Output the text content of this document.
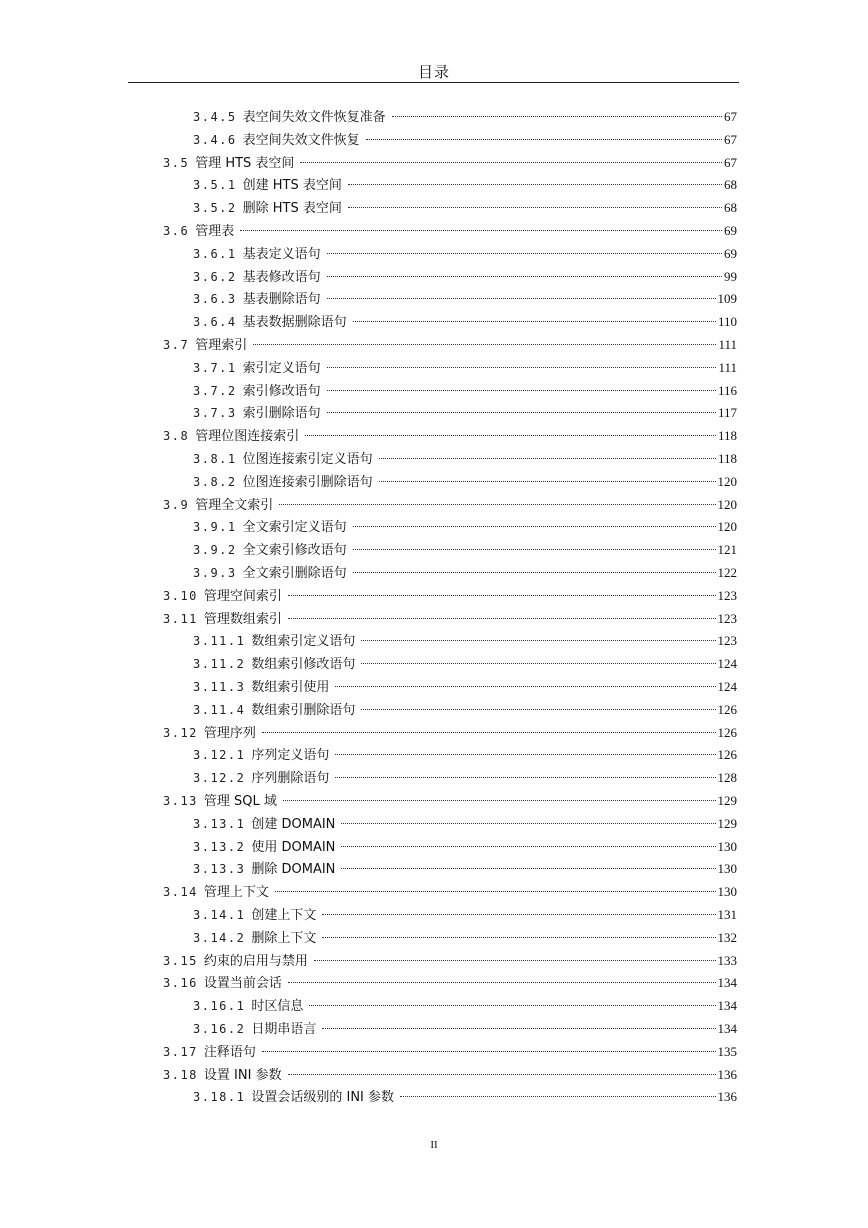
目录
3.4.5 表空间失效文件恢复准备	67
3.4.6 表空间失效文件恢复	67
3.5 管理 HTS 表空间	67
3.5.1 创建 HTS 表空间	68
3.5.2 删除 HTS 表空间	68
3.6 管理表	69
3.6.1 基表定义语句	69
3.6.2 基表修改语句	99
3.6.3 基表删除语句	109
3.6.4 基表数据删除语句	110
3.7 管理索引	111
3.7.1 索引定义语句	111
3.7.2 索引修改语句	116
3.7.3 索引删除语句	117
3.8 管理位图连接索引	118
3.8.1 位图连接索引定义语句	118
3.8.2 位图连接索引删除语句	120
3.9 管理全文索引	120
3.9.1 全文索引定义语句	120
3.9.2 全文索引修改语句	121
3.9.3 全文索引删除语句	122
3.10 管理空间索引	123
3.11 管理数组索引	123
3.11.1 数组索引定义语句	123
3.11.2 数组索引修改语句	124
3.11.3 数组索引使用	124
3.11.4 数组索引删除语句	126
3.12 管理序列	126
3.12.1 序列定义语句	126
3.12.2 序列删除语句	128
3.13 管理 SQL 域	129
3.13.1 创建 DOMAIN	129
3.13.2 使用 DOMAIN	130
3.13.3 删除 DOMAIN	130
3.14 管理上下文	130
3.14.1 创建上下文	131
3.14.2 删除上下文	132
3.15 约束的启用与禁用	133
3.16 设置当前会话	134
3.16.1 时区信息	134
3.16.2 日期串语言	134
3.17 注释语句	135
3.18 设置 INI 参数	136
3.18.1 设置会话级别的 INI 参数	136
II
